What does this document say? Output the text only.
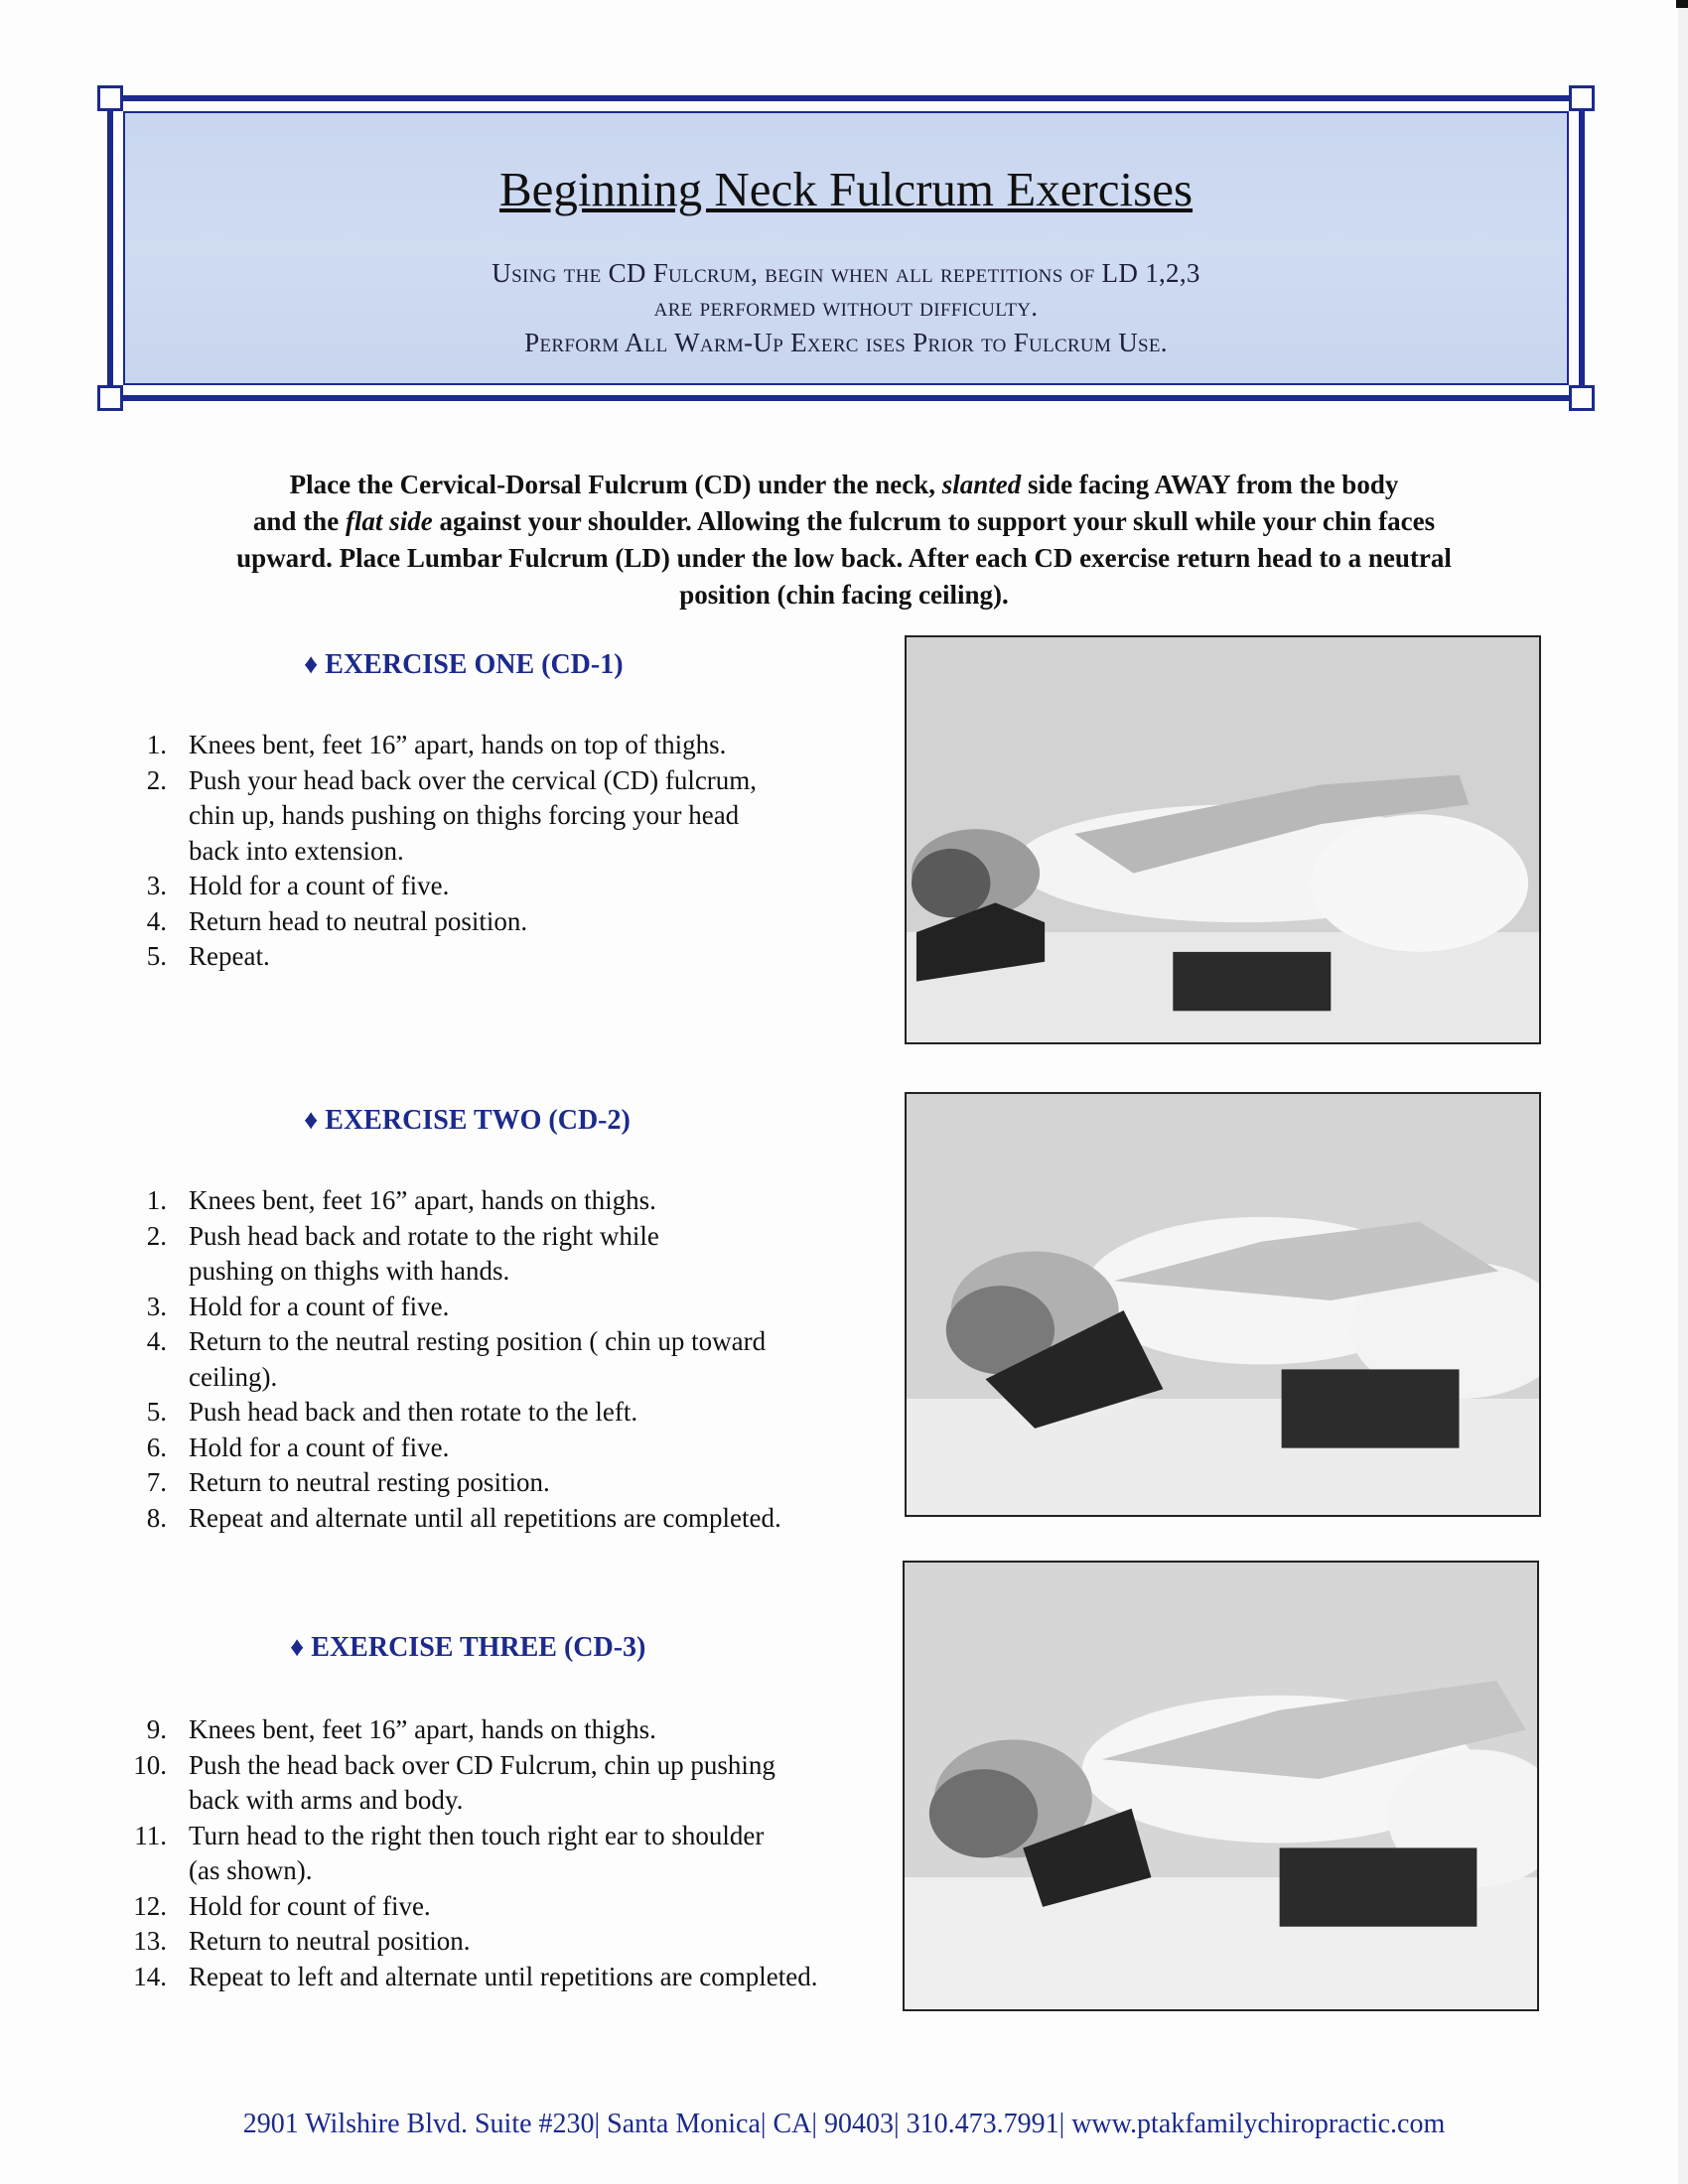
Beginning Neck Fulcrum Exercises
Using the CD Fulcrum, begin when all repetitions of LD 1,2,3
are performed without difficulty.
Perform All Warm-Up Exerc ises Prior to Fulcrum Use.

Place the Cervical-Dorsal Fulcrum (CD) under the neck, slanted side facing AWAY from the body

and the flat side against your shoulder. Allowing the fulcrum to support your skull while your chin faces

upward. Place Lumbar Fulcrum (LD) under the low back. After each CD exercise return head to a neutral

position (chin facing ceiling).

♦ EXERCISE ONE (CD-1)
1. Knees bent, feet 16” apart, hands on top of thighs.
2. Push your head back over the cervical (CD) fulcrum, chin up, hands pushing on thighs forcing your head back into extension.
3. Hold for a count of five.
4. Return head to neutral position.
5. Repeat.
♦ EXERCISE TWO (CD-2)
1. Knees bent, feet 16” apart, hands on thighs.
2. Push head back and rotate to the right while pushing on thighs with hands.
3. Hold for a count of five.
4. Return to the neutral resting position ( chin up toward ceiling).
5. Push head back and then rotate to the left.
6. Hold for a count of five.
7. Return to neutral resting position.
8. Repeat and alternate until all repetitions are completed.
♦ EXERCISE THREE (CD-3)
9. Knees bent, feet 16” apart, hands on thighs.
10. Push the head back over CD Fulcrum, chin up pushing back with arms and body.
11. Turn head to the right then touch right ear to shoulder (as shown).
12. Hold for count of five.
13. Return to neutral position.
14. Repeat to left and alternate until repetitions are completed.
2901 Wilshire Blvd. Suite #230| Santa Monica| CA| 90403| 310.473.7991| www.ptakfamilychiropractic.com
